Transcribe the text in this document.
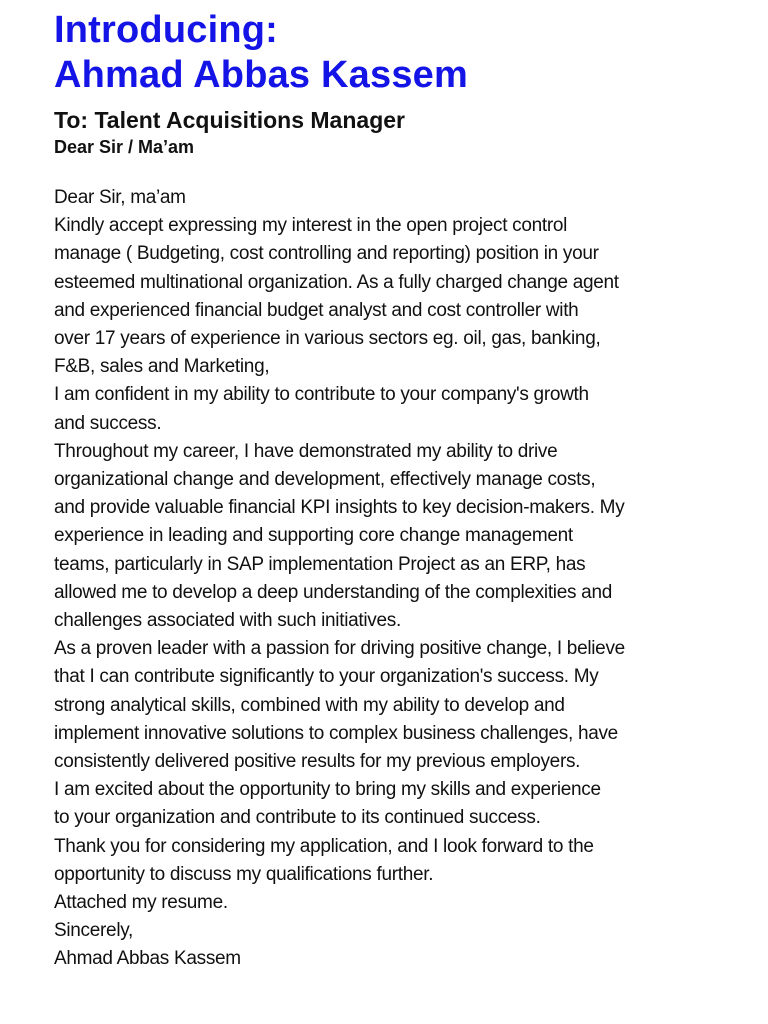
Introducing:
Ahmad Abbas Kassem
To: Talent Acquisitions Manager
Dear Sir / Ma’am
Dear Sir, ma’am
Kindly accept expressing my interest in the open project control
manage ( Budgeting, cost controlling and reporting) position in your
esteemed multinational organization. As a fully charged change agent
and experienced financial budget analyst and cost controller with
over 17 years of experience in various sectors eg. oil, gas, banking,
F&B, sales and Marketing,
I am confident in my ability to contribute to your company's growth
and success.
Throughout my career, I have demonstrated my ability to drive
organizational change and development, effectively manage costs,
and provide valuable financial KPI insights to key decision-makers. My
experience in leading and supporting core change management
teams, particularly in SAP implementation Project as an ERP, has
allowed me to develop a deep understanding of the complexities and
challenges associated with such initiatives.
As a proven leader with a passion for driving positive change, I believe
that I can contribute significantly to your organization's success. My
strong analytical skills, combined with my ability to develop and
implement innovative solutions to complex business challenges, have
consistently delivered positive results for my previous employers.
I am excited about the opportunity to bring my skills and experience
to your organization and contribute to its continued success.
Thank you for considering my application, and I look forward to the
opportunity to discuss my qualifications further.
Attached my resume.
Sincerely,
Ahmad Abbas Kassem
